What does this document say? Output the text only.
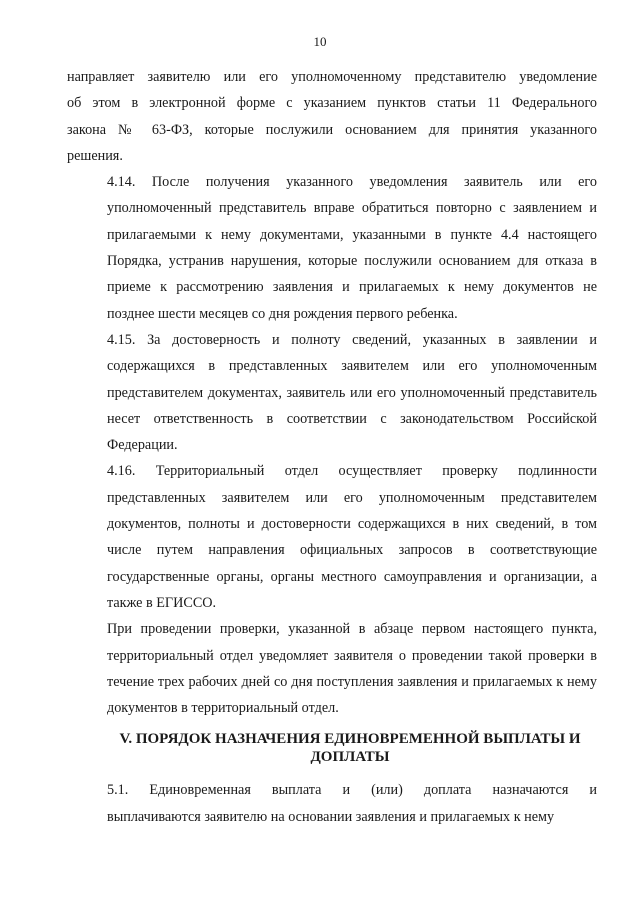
10
направляет заявителю или его уполномоченному представителю уведомление
об этом в электронной форме с указанием пунктов статьи 11 Федерального
закона № 63-ФЗ, которые послужили основанием для принятия указанного
решения.
4.14. После получения указанного уведомления заявитель или его
уполномоченный представитель вправе обратиться повторно с заявлением и
прилагаемыми к нему документами, указанными в пункте 4.4 настоящего
Порядка, устранив нарушения, которые послужили основанием для отказа в
приеме к рассмотрению заявления и прилагаемых к нему документов не
позднее шести месяцев со дня рождения первого ребенка.
4.15. За достоверность и полноту сведений, указанных в заявлении и
содержащихся в представленных заявителем или его уполномоченным
представителем документах, заявитель или его уполномоченный представитель
несет ответственность в соответствии с законодательством Российской
Федерации.
4.16. Территориальный отдел осуществляет проверку подлинности
представленных заявителем или его уполномоченным представителем
документов, полноты и достоверности содержащихся в них сведений, в том
числе путем направления официальных запросов в соответствующие
государственные органы, органы местного самоуправления и организации, а
также в ЕГИССО.
При проведении проверки, указанной в абзаце первом настоящего пункта,
территориальный отдел уведомляет заявителя о проведении такой проверки в
течение трех рабочих дней со дня поступления заявления и прилагаемых к нему
документов в территориальный отдел.
V. ПОРЯДОК НАЗНАЧЕНИЯ ЕДИНОВРЕМЕННОЙ ВЫПЛАТЫ И
ДОПЛАТЫ
5.1. Единовременная выплата и (или) доплата назначаются и
выплачиваются заявителю на основании заявления и прилагаемых к нему
